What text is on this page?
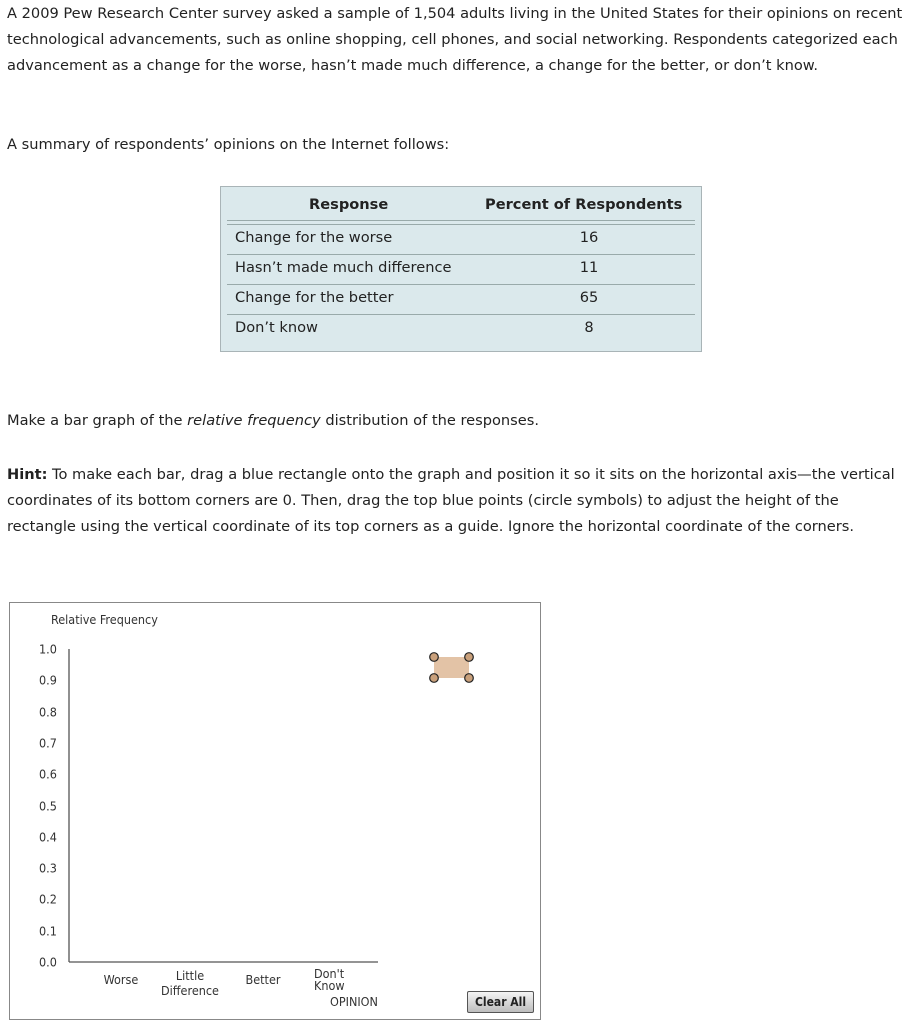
A 2009 Pew Research Center survey asked a sample of 1,504 adults living in the United States for their opinions on recent technological advancements, such as online shopping, cell phones, and social networking. Respondents categorized each advancement as a change for the worse, hasn’t made much difference, a change for the better, or don’t know.

A summary of respondents’ opinions on the Internet follows:

Response	Percent of Respondents
Change for the worse	16
Hasn’t made much difference	11
Change for the better	65
Don’t know	8

Make a bar graph of the relative frequency distribution of the responses.

Hint: To make each bar, drag a blue rectangle onto the graph and position it so it sits on the horizontal axis—the vertical coordinates of its bottom corners are 0. Then, drag the top blue points (circle symbols) to adjust the height of the rectangle using the vertical coordinate of its top corners as a guide. Ignore the horizontal coordinate of the corners.

Relative Frequency
1.0
0.9
0.8
0.7
0.6
0.5
0.4
0.3
0.2
0.1
0.0
Worse	Little
Difference
Better	Don't
Know
OPINION	Clear All
